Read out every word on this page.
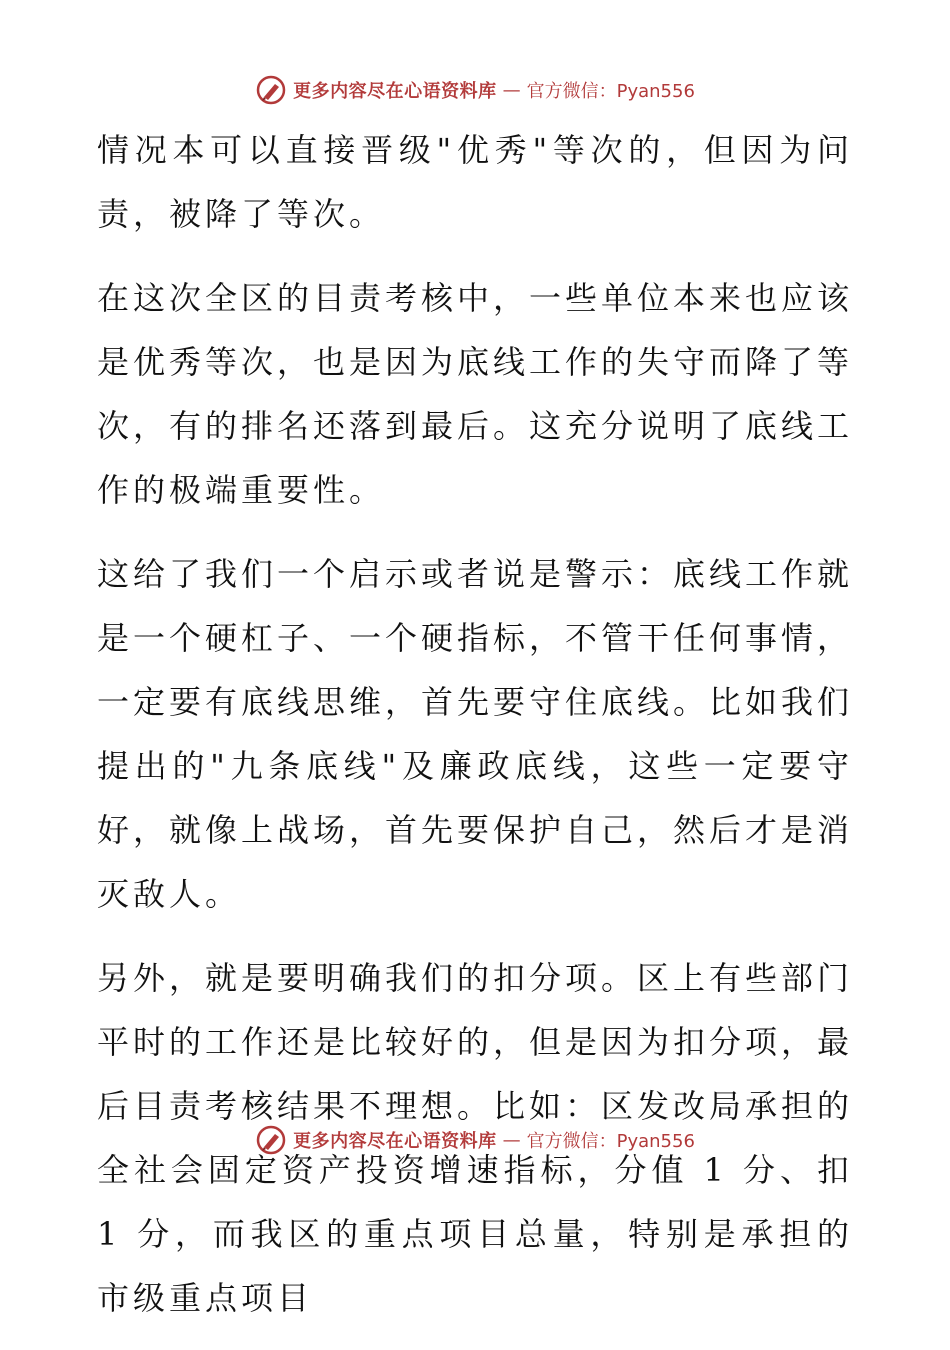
更多内容尽在心语资料库 — 官方微信：Pyan556

情况本可以直接晋级"优秀"等次的，但因为问责，被降了等次。

在这次全区的目责考核中，一些单位本来也应该是优秀等次，也是因为底线工作的失守而降了等次，有的排名还落到最后。这充分说明了底线工作的极端重要性。

这给了我们一个启示或者说是警示：底线工作就是一个硬杠子、一个硬指标，不管干任何事情，一定要有底线思维，首先要守住底线。比如我们提出的"九条底线"及廉政底线，这些一定要守好，就像上战场，首先要保护自己，然后才是消灭敌人。

另外，就是要明确我们的扣分项。区上有些部门平时的工作还是比较好的，但是因为扣分项，最后目责考核结果不理想。比如：区发改局承担的全社会固定资产投资增速指标，分值 1 分、扣 1 分，而我区的重点项目总量，特别是承担的市级重点项目

更多内容尽在心语资料库 — 官方微信：Pyan556
